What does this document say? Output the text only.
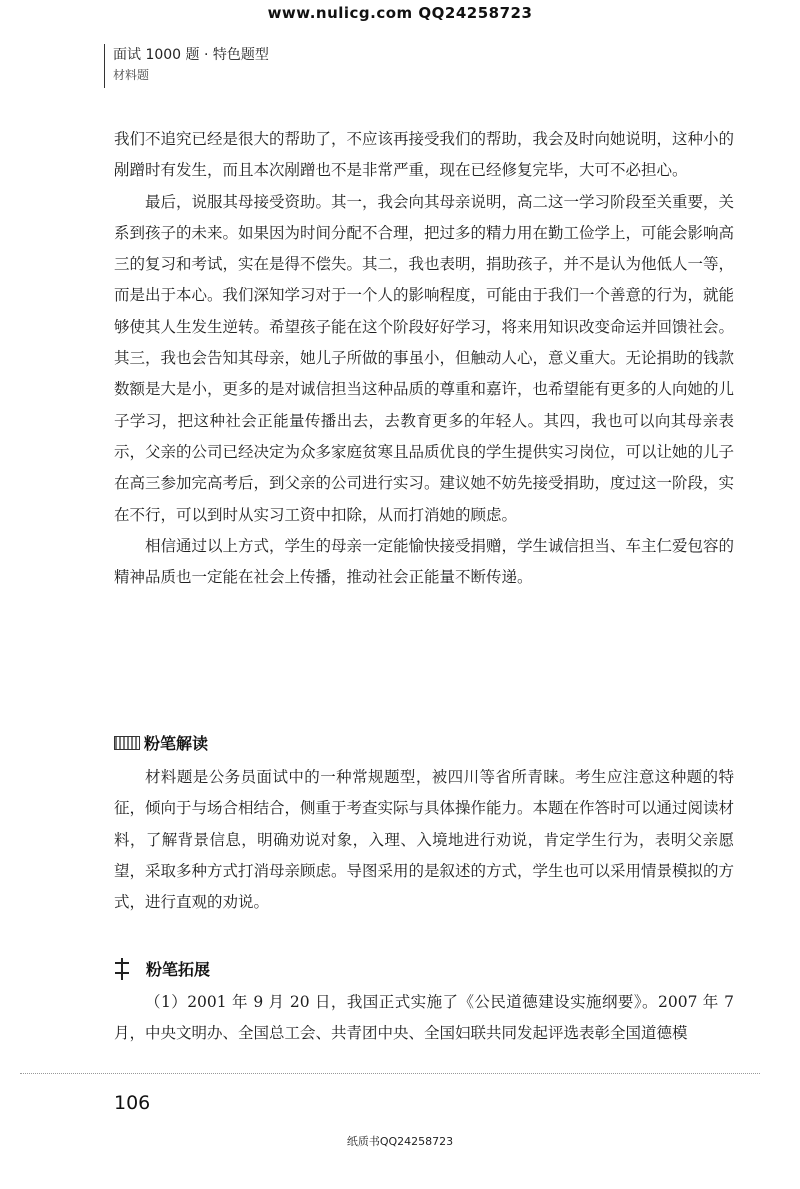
www.nulicg.com QQ24258723
面试 1000 题 · 特色题型
材料题

我们不追究已经是很大的帮助了，不应该再接受我们的帮助，我会及时向她说明，这种小的剐蹭时有发生，而且本次剐蹭也不是非常严重，现在已经修复完毕，大可不必担心。

最后，说服其母接受资助。其一，我会向其母亲说明，高二这一学习阶段至关重要，关系到孩子的未来。如果因为时间分配不合理，把过多的精力用在勤工俭学上，可能会影响高三的复习和考试，实在是得不偿失。其二，我也表明，捐助孩子，并不是认为他低人一等，而是出于本心。我们深知学习对于一个人的影响程度，可能由于我们一个善意的行为，就能够使其人生发生逆转。希望孩子能在这个阶段好好学习，将来用知识改变命运并回馈社会。其三，我也会告知其母亲，她儿子所做的事虽小，但触动人心，意义重大。无论捐助的钱款数额是大是小，更多的是对诚信担当这种品质的尊重和嘉许，也希望能有更多的人向她的儿子学习，把这种社会正能量传播出去，去教育更多的年轻人。其四，我也可以向其母亲表示，父亲的公司已经决定为众多家庭贫寒且品质优良的学生提供实习岗位，可以让她的儿子在高三参加完高考后，到父亲的公司进行实习。建议她不妨先接受捐助，度过这一阶段，实在不行，可以到时从实习工资中扣除，从而打消她的顾虑。

相信通过以上方式，学生的母亲一定能愉快接受捐赠，学生诚信担当、车主仁爱包容的精神品质也一定能在社会上传播，推动社会正能量不断传递。

粉笔解读
材料题是公务员面试中的一种常规题型，被四川等省所青睐。考生应注意这种题的特征，倾向于与场合相结合，侧重于考查实际与具体操作能力。本题在作答时可以通过阅读材料，了解背景信息，明确劝说对象，入理、入境地进行劝说，肯定学生行为，表明父亲愿望，采取多种方式打消母亲顾虑。导图采用的是叙述的方式，学生也可以采用情景模拟的方式，进行直观的劝说。
粉笔拓展
（1）2001 年 9 月 20 日，我国正式实施了《公民道德建设实施纲要》。2007 年 7 月，中央文明办、全国总工会、共青团中央、全国妇联共同发起评选表彰全国道德模
106
纸质书QQ24258723
